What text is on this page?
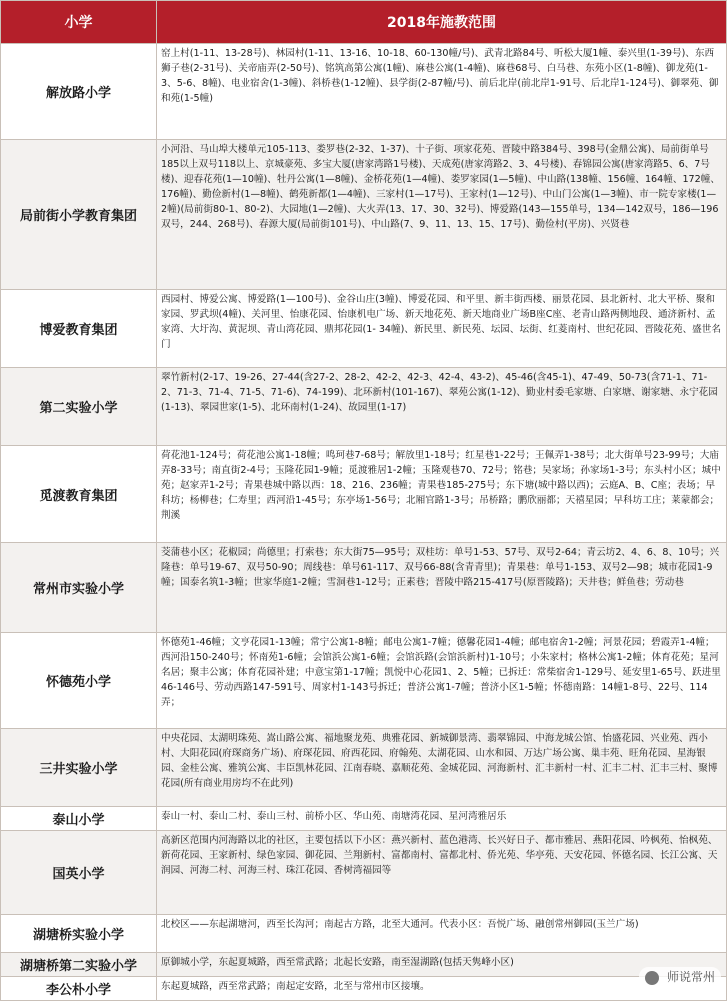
小学	2018年施教范围
解放路小学	窑上村(1-11、13-28号)、林园村(1-11、13-16、10-18、60-130幢/号)、武青北路84号、听松大厦1幢、泰兴里(1-39号)、东西狮子巷(2-31号)、关帝庙弄(2-50号)、铭筑高第公寓(1幢)、麻巷公寓(1-4幢)、麻巷68号、白马巷、东苑小区(1-8幢)、御龙苑(1-3、5-6、8幢)、电业宿舍(1-3幢)、斜桥巷(1-12幢)、县学街(2-87幢/号)、前后北岸(前北岸1-91号、后北岸1-124号)、御翠苑、御和苑(1-5幢)
局前街小学教育集团	小河沿、马山埠大楼单元105-113、娄罗巷(2-32、1-37)、十子街、项家花苑、晋陵中路384号、398号(金鼎公寓)、局前街单号185以上双号118以上、京城豪苑、多宝大厦(唐家湾路1号楼)、天成苑(唐家湾路2、3、4号楼)、春锦园公寓(唐家湾路5、6、7号楼)、迎春花苑(1—10幢)、牡丹公寓(1—8幢)、金桥花苑(1—4幢)、娄罗家园(1—5幢)、中山路(138幢、156幢、164幢、172幢、176幢)、勤俭新村(1—8幢)、鹤苑新都(1—4幢)、三家村(1—17号)、王家村(1—12号)、中山门公寓(1—3幢)、市一院专家楼(1—2幢)(局前街80-1、80-2)、大园地(1—2幢)、大火弄(13、17、30、32号)、博爱路(143—155单号，134—142双号，186—196双号，244、268号)、春源大厦(局前街101号)、中山路(7、9、11、13、15、17号)、勤俭村(平房)、兴贤巷
博爱教育集团	西园村、博爱公寓、博爱路(1—100号)、金谷山庄(3幢)、博爱花园、和平里、新丰街西楼、丽景花园、县北新村、北大平桥、聚和家园、罗武坝(4幢)、关河里、怡康花园、怡康机电广场、新天地花苑、新天地商业广场B座C座、老青山路两侧地段、通济新村、孟家湾、大圩沟、黄泥坝、青山湾花园、鼎邦花园(1- 34幢)、新民里、新民苑、坛园、坛街、红菱南村、世纪花园、晋陵花苑、盛世名门
第二实验小学	翠竹新村(2-17、19-26、27-44(含27-2、28-2、42-2、42-3、42-4、43-2)、45-46(含45-1)、47-49、50-73(含71-1、71-2、71-3、71-4、71-5、71-6)、74-199)、北环新村(101-167)、翠苑公寓(1-12)、勤业村委毛家塘、白家塘、谢家塘、永宁花园(1-13)、翠园世家(1-5)、北环南村(1-24)、故园里(1-17)
觅渡教育集团	荷花池1-124号；荷花池公寓1-18幢；鸣珂巷7-68号；解放里1-18号；红星巷1-22号；王佩弄1-38号；北大街单号23-99号；大庙弄8-33号；南直街2-4号；玉隆花园1-9幢；觅渡雅居1-2幢；玉隆观巷70、72号；铭巷；吴家场；孙家场1-3号；东头村小区；城中苑；赵家弄1-2号；青果巷城中路以西：18、216、236幢；青果巷185-275号；东下塘(城中路以西)；云庭A、B、C座；表场；早科坊；杨柳巷；仁寿里；西河沿1-45号；东亭场1-56号；北厢官路1-3号；吊桥路；鹏欣丽都；天禧星园；早科坊工庄；莱蒙都会；荆溪
常州市实验小学	茭蒲巷小区；花椒园；尚德里；打索巷；东大街75—95号；双桂坊：单号1-53、57号、双号2-64；青云坊2、4、6、8、10号；兴隆巷：单号19-67、双号50-90；周线巷：单号61-117、双号66-88(含青青里)；青果巷：单号1-153、双号2—98；城市花园1-9幢；国泰名筑1-3幢；世家华庭1-2幢；雪洞巷1-12号；正素巷；晋陵中路215-417号(原晋陵路)；天井巷；鲜鱼巷；劳动巷
怀德苑小学	怀德苑1-46幢；文亨花园1-13幢；常宁公寓1-8幢；邮电公寓1-7幢；德馨花园1-4幢；邮电宿舍1-2幢；河景花园；碧霞弄1-4幢；西河沿150-240号；怀南苑1-6幢；会馆浜公寓1-6幢；会馆浜路(会馆浜新村)1-10号；小朱家村；格林公寓1-2幢；体育花苑；星河名居；聚丰公寓；体育花园补建；中意宝第1-17幢；凯悦中心花园1、2、5幢；已拆迁：常柴宿舍1-129号、延安里1-65号、跃进里46-146号、劳动西路147-591号、周家村1-143号拆迁；普济公寓1-7幢；普济小区1-5幢；怀德南路：14幢1-8号、22号、114弄；
三井实验小学	中央花园、太湖明珠苑、嵩山路公寓、福地聚龙苑、典雅花园、新城御景湾、翡翠锦园、中海龙城公馆、怡盛花园、兴业苑、西小村、大阳花园(府琛商务广场)、府琛花园、府西花园、府翰苑、太湖花园、山水和园、万达广场公寓、巢丰苑、旺角花园、星海银园、金桂公寓、雅筑公寓、丰臣凯林花园、江南春晓、嘉顺花苑、金城花园、河海新村、汇丰新村一村、汇丰二村、汇丰三村、聚博花园(所有商业用房均不在此列)
泰山小学	泰山一村、泰山二村、泰山三村、前桥小区、华山苑、南塘湾花园、星河湾雅居乐
国英小学	高新区范围内河海路以北的社区，主要包括以下小区：燕兴新村、蓝色港湾、长兴好日子、都市雅居、燕阳花园、吟枫苑、怡枫苑、新荷花园、王家新村、绿色家园、御花园、兰翔新村、富都南村、富都北村、侨光苑、华亭苑、天安花园、怀德名园、长江公寓、天润园、河海二村、河海三村、珠江花园、香树湾福园等
湖塘桥实验小学	北校区——东起湖塘河，西至长沟河；南起古方路，北至大通河。代表小区：吾悦广场、融创常州御园(玉兰广场)
湖塘桥第二实验小学	原御城小学，东起夏城路，西至常武路；北起长安路，南至湿湖路(包括天隽峰小区)
李公朴小学	东起夏城路，西至常武路；南起定安路，北至与常州市区接壤。	师说常州
